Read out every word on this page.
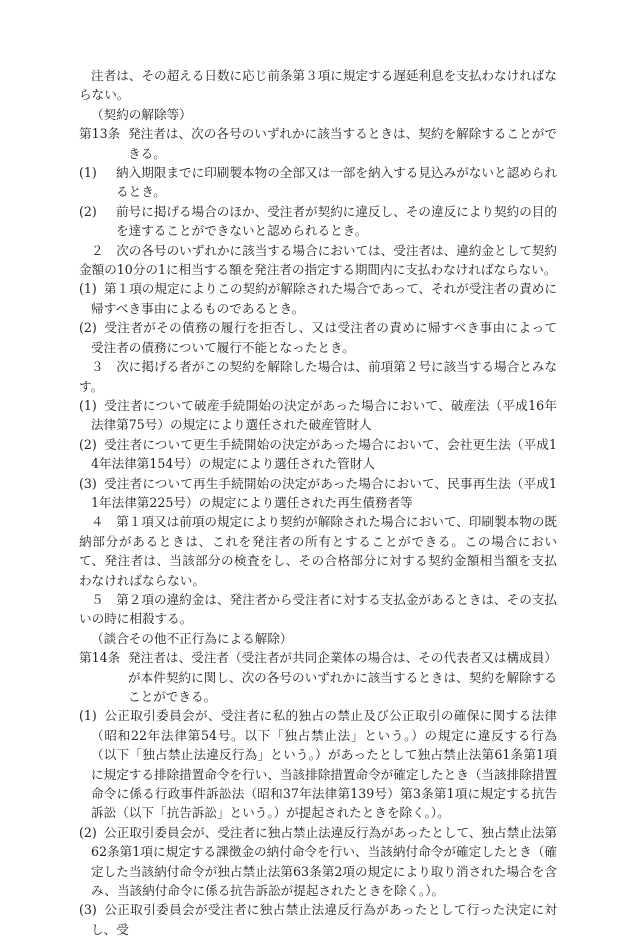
注者は、その超える日数に応じ前条第３項に規定する遅延利息を支払わなければならない。

（契約の解除等）

第13条 発注者は、次の各号のいずれかに該当するときは、契約を解除することができる。

(1) 納入期限までに印刷製本物の全部又は一部を納入する見込みがないと認められるとき。

(2) 前号に掲げる場合のほか、受注者が契約に違反し、その違反により契約の目的を達することができないと認められるとき。

２　次の各号のいずれかに該当する場合においては、受注者は、違約金として契約金額の10分の1に相当する額を発注者の指定する期間内に支払わなければならない。

(1) 第１項の規定によりこの契約が解除された場合であって、それが受注者の責めに帰すべき事由によるものであるとき。

(2) 受注者がその債務の履行を拒否し、又は受注者の責めに帰すべき事由によって受注者の債務について履行不能となったとき。

３　次に掲げる者がこの契約を解除した場合は、前項第２号に該当する場合とみなす。

(1) 受注者について破産手続開始の決定があった場合において、破産法（平成16年法律第75号）の規定により選任された破産管財人

(2) 受注者について更生手続開始の決定があった場合において、会社更生法（平成14年法律第154号）の規定により選任された管財人

(3) 受注者について再生手続開始の決定があった場合において、民事再生法（平成11年法律第225号）の規定により選任された再生債務者等

４　第１項又は前項の規定により契約が解除された場合において、印刷製本物の既納部分があるときは、これを発注者の所有とすることができる。この場合において、発注者は、当該部分の検査をし、その合格部分に対する契約金額相当額を支払わなければならない。

５　第２項の違約金は、発注者から受注者に対する支払金があるときは、その支払いの時に相殺する。

（談合その他不正行為による解除）

第14条 発注者は、受注者（受注者が共同企業体の場合は、その代表者又は構成員）が本件契約に関し、次の各号のいずれかに該当するときは、契約を解除することができる。

(1) 公正取引委員会が、受注者に私的独占の禁止及び公正取引の確保に関する法律（昭和22年法律第54号。以下「独占禁止法」という。）の規定に違反する行為（以下「独占禁止法違反行為」という。）があったとして独占禁止法第61条第1項に規定する排除措置命令を行い、当該排除措置命令が確定したとき（当該排除措置命令に係る行政事件訴訟法（昭和37年法律第139号）第3条第1項に規定する抗告訴訟（以下「抗告訴訟」という。）が提起されたときを除く。）。

(2) 公正取引委員会が、受注者に独占禁止法違反行為があったとして、独占禁止法第62条第1項に規定する課徴金の納付命令を行い、当該納付命令が確定したとき（確定した当該納付命令が独占禁止法第63条第2項の規定により取り消された場合を含み、当該納付命令に係る抗告訴訟が提起されたときを除く。）。

(3) 公正取引委員会が受注者に独占禁止法違反行為があったとして行った決定に対し、受
